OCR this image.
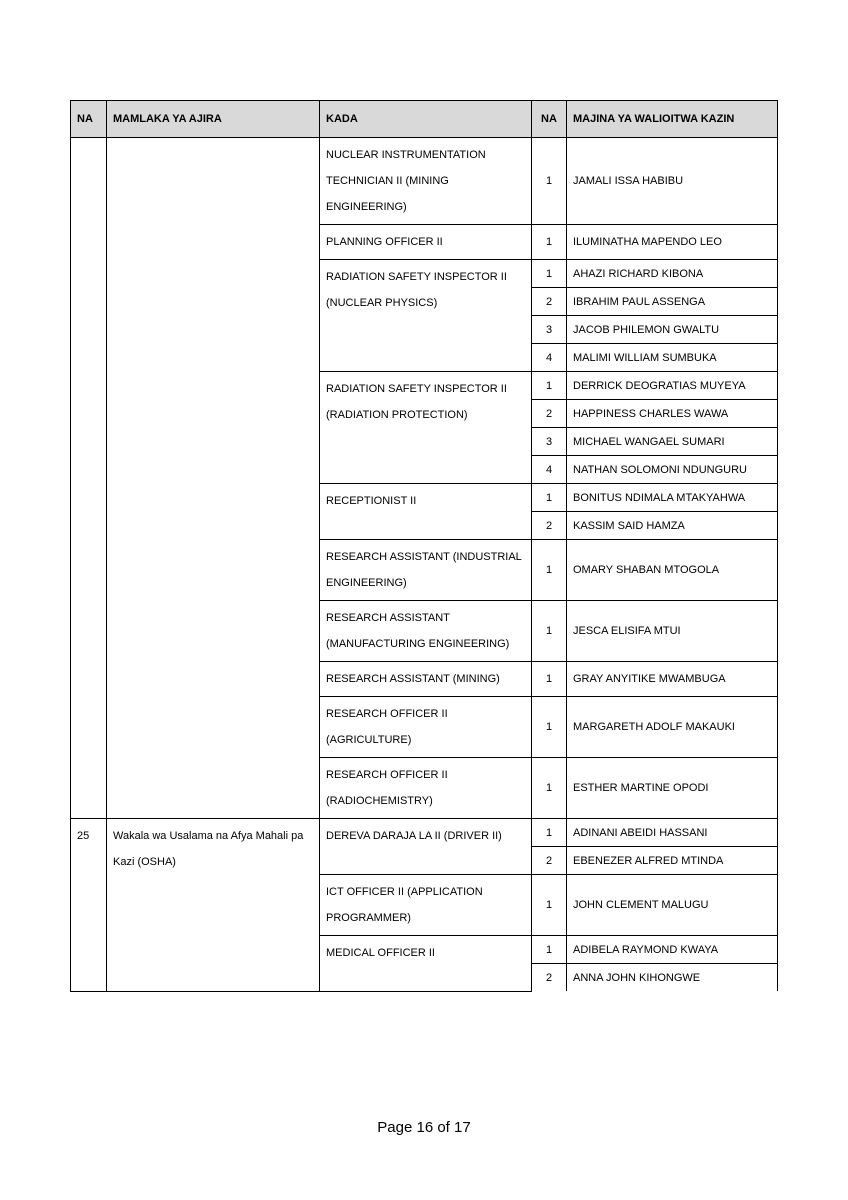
NA	MAMLAKA YA AJIRA	KADA	NA	MAJINA YA WALIOITWA KAZIN
		NUCLEAR INSTRUMENTATION TECHNICIAN II (MINING ENGINEERING)	1	JAMALI ISSA HABIBU
		PLANNING OFFICER II	1	ILUMINATHA MAPENDO LEO
		RADIATION SAFETY INSPECTOR II (NUCLEAR PHYSICS)	1	AHAZI RICHARD KIBONA
			2	IBRAHIM PAUL ASSENGA
			3	JACOB PHILEMON GWALTU
			4	MALIMI WILLIAM SUMBUKA
		RADIATION SAFETY INSPECTOR II (RADIATION PROTECTION)	1	DERRICK DEOGRATIAS MUYEYA
			2	HAPPINESS CHARLES WAWA
			3	MICHAEL WANGAEL SUMARI
			4	NATHAN SOLOMONI NDUNGURU
		RECEPTIONIST II	1	BONITUS NDIMALA MTAKYAHWA
			2	KASSIM SAID HAMZA
		RESEARCH ASSISTANT (INDUSTRIAL ENGINEERING)	1	OMARY SHABAN MTOGOLA
		RESEARCH ASSISTANT (MANUFACTURING ENGINEERING)	1	JESCA ELISIFA MTUI
		RESEARCH ASSISTANT (MINING)	1	GRAY ANYITIKE MWAMBUGA
		RESEARCH OFFICER II (AGRICULTURE)	1	MARGARETH ADOLF MAKAUKI
		RESEARCH OFFICER II (RADIOCHEMISTRY)	1	ESTHER MARTINE OPODI
25	Wakala wa Usalama na Afya Mahali pa Kazi (OSHA)	DEREVA DARAJA LA II (DRIVER II)	1	ADINANI ABEIDI HASSANI
			2	EBENEZER ALFRED MTINDA
		ICT OFFICER II (APPLICATION PROGRAMMER)	1	JOHN CLEMENT MALUGU
		MEDICAL OFFICER II	1	ADIBELA RAYMOND KWAYA
			2	ANNA JOHN KIHONGWE
Page 16 of 17
